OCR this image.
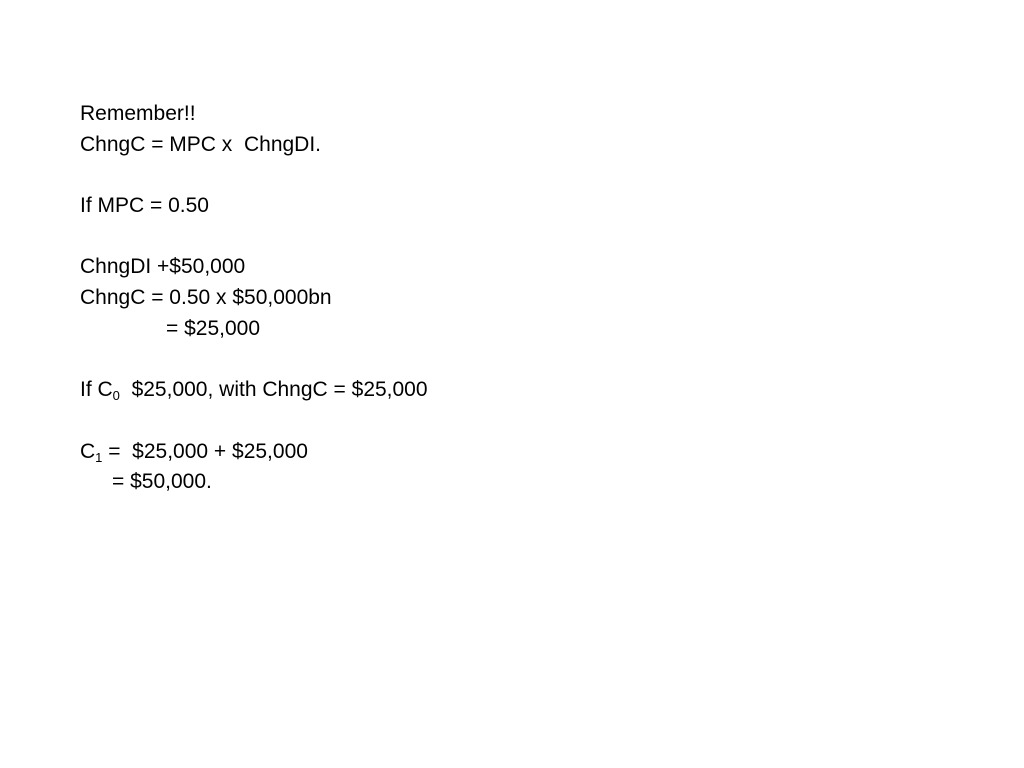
Remember!!
ChngC = MPC x  ChngDI.
If MPC = 0.50
ChngDI +$50,000
ChngC = 0.50 x $50,000bn
= $25,000
If $C_0$  $25,000, with ChngC = $25,000
$C_1$ =  $25,000 + $25,000
= $50,000.
